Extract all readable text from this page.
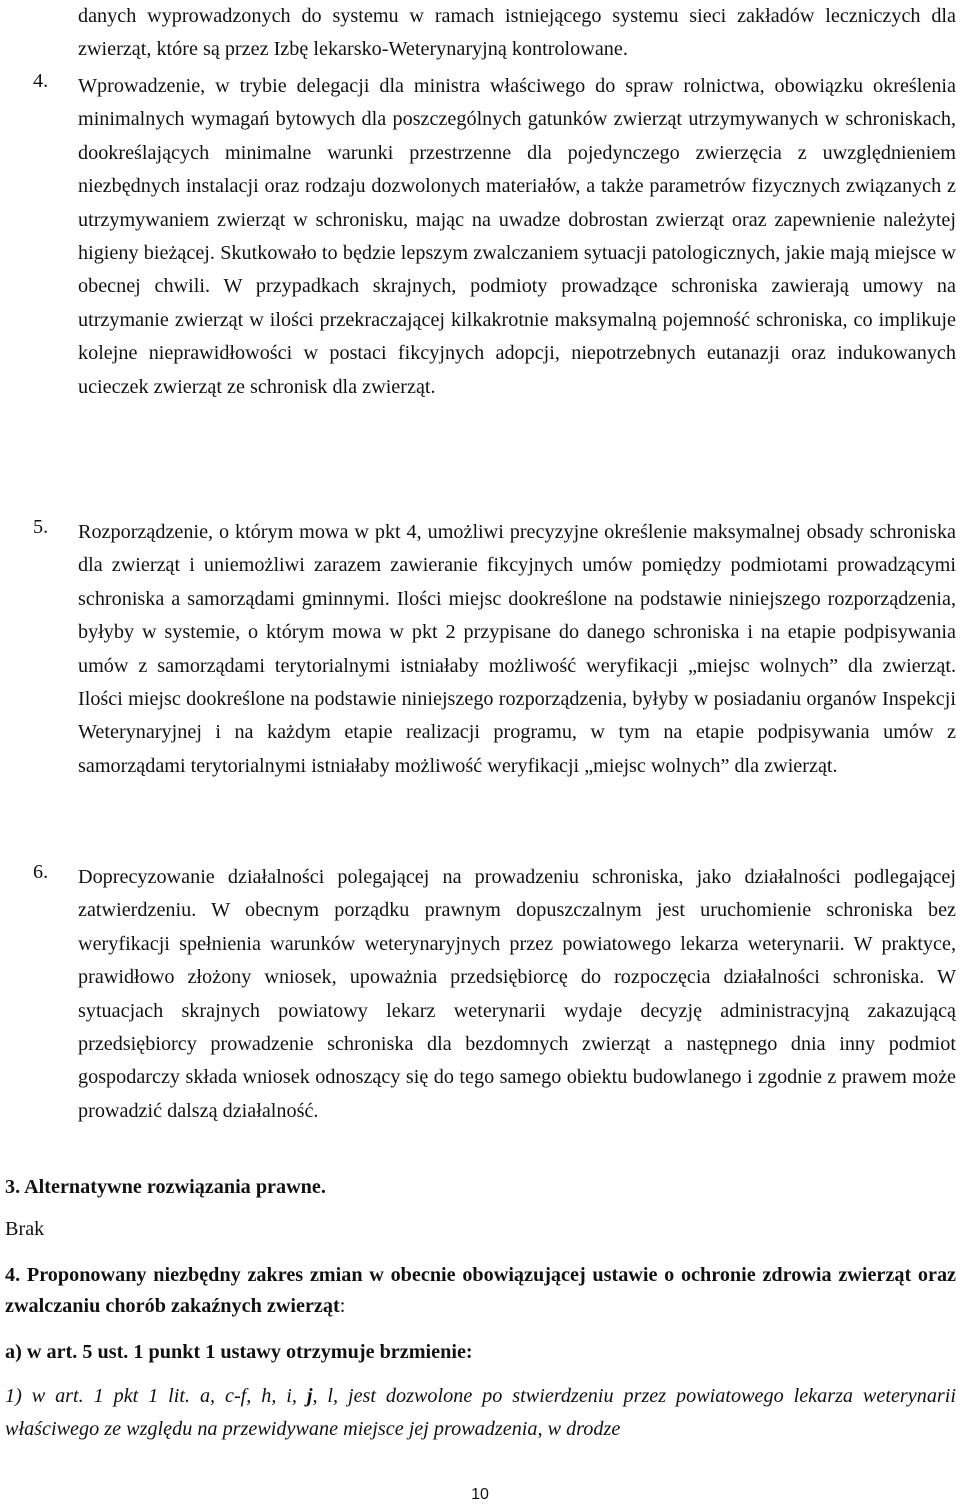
danych wyprowadzonych do systemu w ramach istniejącego systemu sieci zakładów leczniczych dla zwierząt, które są przez Izbę lekarsko-Weterynaryjną kontrolowane.
4. Wprowadzenie, w trybie delegacji dla ministra właściwego do spraw rolnictwa, obowiązku określenia minimalnych wymagań bytowych dla poszczególnych gatunków zwierząt utrzymywanych w schroniskach, dookreślających minimalne warunki przestrzenne dla pojedynczego zwierzęcia z uwzględnieniem niezbędnych instalacji oraz rodzaju dozwolonych materiałów, a także parametrów fizycznych związanych z utrzymywaniem zwierząt w schronisku, mając na uwadze dobrostan zwierząt oraz zapewnienie należytej higieny bieżącej. Skutkowało to będzie lepszym zwalczaniem sytuacji patologicznych, jakie mają miejsce w obecnej chwili. W przypadkach skrajnych, podmioty prowadzące schroniska zawierają umowy na utrzymanie zwierząt w ilości przekraczającej kilkakrotnie maksymalną pojemność schroniska, co implikuje kolejne nieprawidłowości w postaci fikcyjnych adopcji, niepotrzebnych eutanazji oraz indukowanych ucieczek zwierząt ze schronisk dla zwierząt.
5. Rozporządzenie, o którym mowa w pkt 4, umożliwi precyzyjne określenie maksymalnej obsady schroniska dla zwierząt i uniemożliwi zarazem zawieranie fikcyjnych umów pomiędzy podmiotami prowadzącymi schroniska a samorządami gminnymi. Ilości miejsc dookreślone na podstawie niniejszego rozporządzenia, byłyby w systemie, o którym mowa w pkt 2 przypisane do danego schroniska i na etapie podpisywania umów z samorządami terytorialnymi istniałaby możliwość weryfikacji „miejsc wolnych” dla zwierząt. Ilości miejsc dookreślone na podstawie niniejszego rozporządzenia, byłyby w posiadaniu organów Inspekcji Weterynaryjnej i na każdym etapie realizacji programu, w tym na etapie podpisywania umów z samorządami terytorialnymi istniałaby możliwość weryfikacji „miejsc wolnych” dla zwierząt.
6. Doprecyzowanie działalności polegającej na prowadzeniu schroniska, jako działalności podlegającej zatwierdzeniu. W obecnym porządku prawnym dopuszczalnym jest uruchomienie schroniska bez weryfikacji spełnienia warunków weterynaryjnych przez powiatowego lekarza weterynarii. W praktyce, prawidłowo złożony wniosek, upoważnia przedsiębiorcę do rozpoczęcia działalności schroniska. W sytuacjach skrajnych powiatowy lekarz weterynarii wydaje decyzję administracyjną zakazującą przedsiębiorcy prowadzenie schroniska dla bezdomnych zwierząt a następnego dnia inny podmiot gospodarczy składa wniosek odnoszący się do tego samego obiektu budowlanego i zgodnie z prawem może prowadzić dalszą działalność.
3. Alternatywne rozwiązania prawne.
Brak
4. Proponowany niezbędny zakres zmian w obecnie obowiązującej ustawie o ochronie zdrowia zwierząt oraz zwalczaniu chorób zakaźnych zwierząt:
a) w art. 5 ust. 1 punkt 1 ustawy otrzymuje brzmienie:
1) w art. 1 pkt 1 lit. a, c-f, h, i, j, l, jest dozwolone po stwierdzeniu przez powiatowego lekarza weterynarii właściwego ze względu na przewidywane miejsce jej prowadzenia, w drodze
10
